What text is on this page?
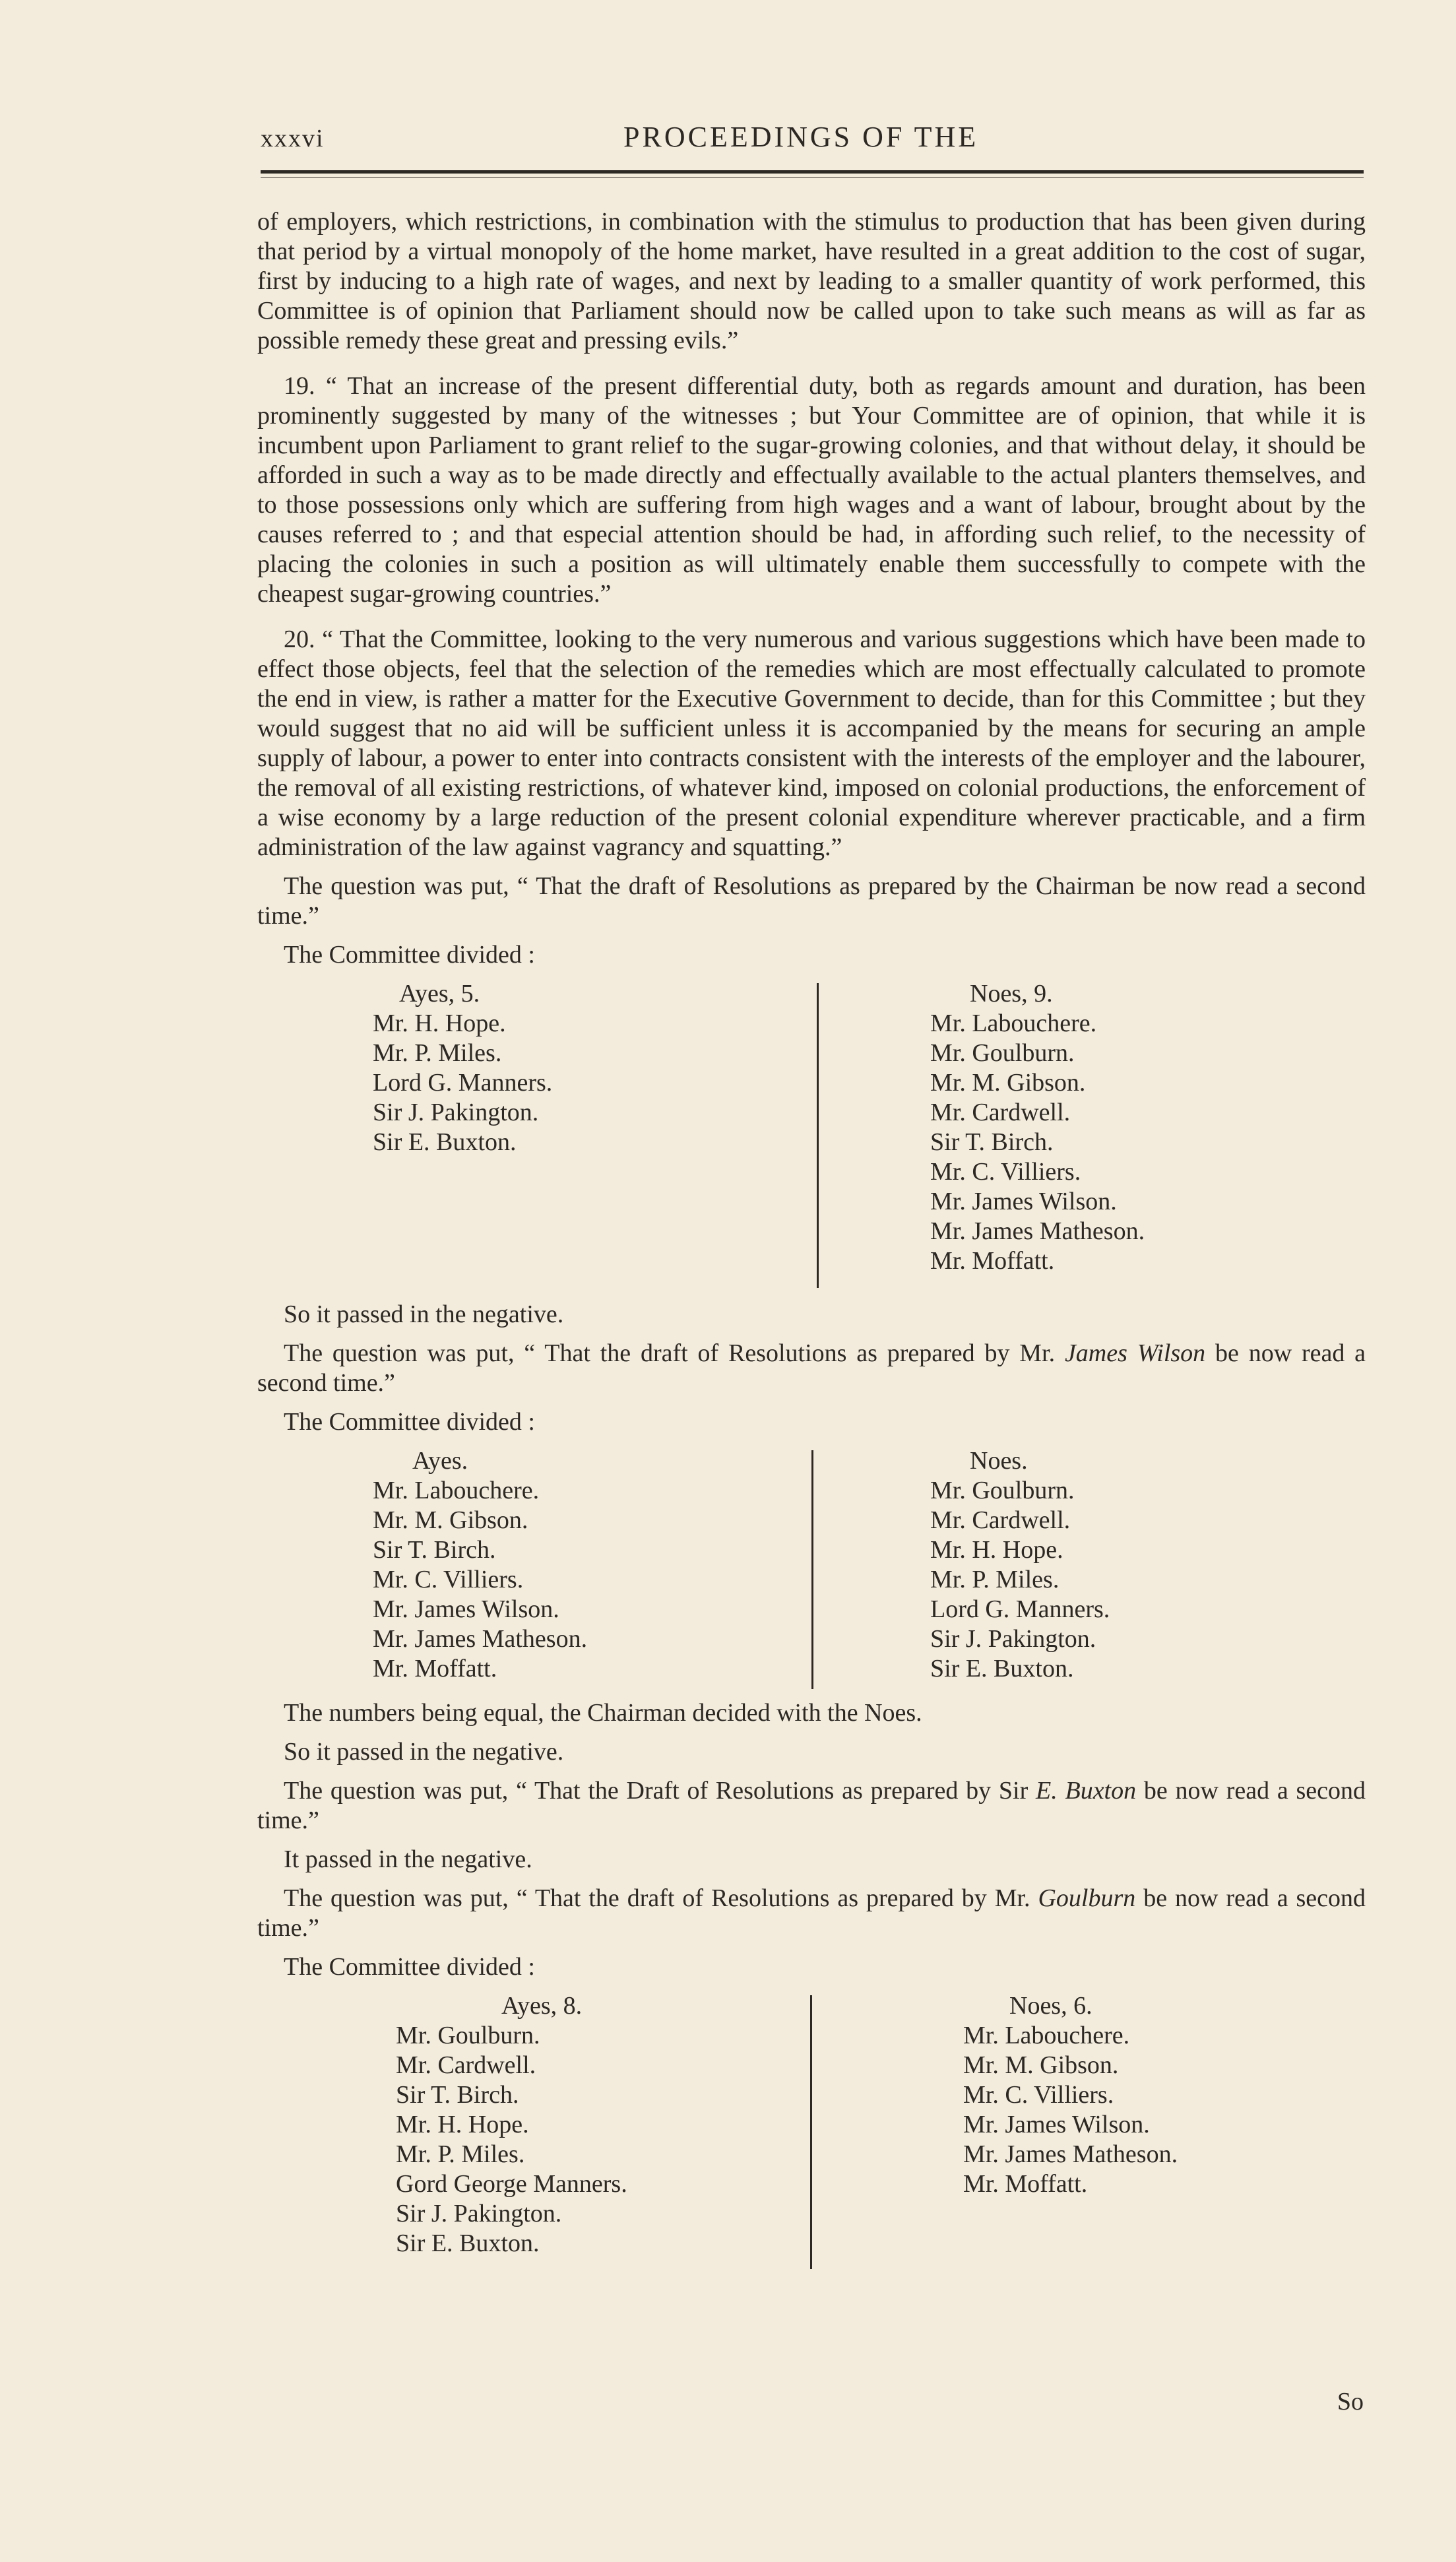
xxxvi	PROCEEDINGS OF THE

of employers, which restrictions, in combination with the stimulus to production that has been given during that period by a virtual monopoly of the home market, have resulted in a great addition to the cost of sugar, first by inducing to a high rate of wages, and next by leading to a smaller quantity of work performed, this Committee is of opinion that Parliament should now be called upon to take such means as will as far as possible remedy these great and pressing evils.”

19. “ That an increase of the present differential duty, both as regards amount and duration, has been prominently suggested by many of the witnesses ; but Your Committee are of opinion, that while it is incumbent upon Parliament to grant relief to the sugar-growing colonies, and that without delay, it should be afforded in such a way as to be made directly and effectually available to the actual planters themselves, and to those possessions only which are suffering from high wages and a want of labour, brought about by the causes referred to ; and that especial attention should be had, in affording such relief, to the necessity of placing the colonies in such a position as will ultimately enable them successfully to compete with the cheapest sugar-growing countries.”

20. “ That the Committee, looking to the very numerous and various suggestions which have been made to effect those objects, feel that the selection of the remedies which are most effectually calculated to promote the end in view, is rather a matter for the Executive Government to decide, than for this Committee ; but they would suggest that no aid will be sufficient unless it is accompanied by the means for securing an ample supply of labour, a power to enter into contracts consistent with the interests of the employer and the labourer, the removal of all existing restrictions, of whatever kind, imposed on colonial productions, the enforcement of a wise economy by a large reduction of the present colonial expenditure wherever practicable, and a firm administration of the law against vagrancy and squatting.”

The question was put, “ That the draft of Resolutions as prepared by the Chairman be now read a second time.”

The Committee divided :

Ayes, 5.
Mr. H. Hope.
Mr. P. Miles.
Lord G. Manners.
Sir J. Pakington.
Sir E. Buxton.
Noes, 9.
Mr. Labouchere.
Mr. Goulburn.
Mr. M. Gibson.
Mr. Cardwell.
Sir T. Birch.
Mr. C. Villiers.
Mr. James Wilson.
Mr. James Matheson.
Mr. Moffatt.

So it passed in the negative.

The question was put, “ That the draft of Resolutions as prepared by Mr. James Wilson be now read a second time.”

The Committee divided :

Ayes.
Mr. Labouchere.
Mr. M. Gibson.
Sir T. Birch.
Mr. C. Villiers.
Mr. James Wilson.
Mr. James Matheson.
Mr. Moffatt.
Noes.
Mr. Goulburn.
Mr. Cardwell.
Mr. H. Hope.
Mr. P. Miles.
Lord G. Manners.
Sir J. Pakington.
Sir E. Buxton.

The numbers being equal, the Chairman decided with the Noes.

So it passed in the negative.

The question was put, “ That the Draft of Resolutions as prepared by Sir E. Buxton be now read a second time.”

It passed in the negative.

The question was put, “ That the draft of Resolutions as prepared by Mr. Goulburn be now read a second time.”

The Committee divided :

Ayes, 8.
Mr. Goulburn.
Mr. Cardwell.
Sir T. Birch.
Mr. H. Hope.
Mr. P. Miles.
Gord George Manners.
Sir J. Pakington.
Sir E. Buxton.
Noes, 6.
Mr. Labouchere.
Mr. M. Gibson.
Mr. C. Villiers.
Mr. James Wilson.
Mr. James Matheson.
Mr. Moffatt.
So
